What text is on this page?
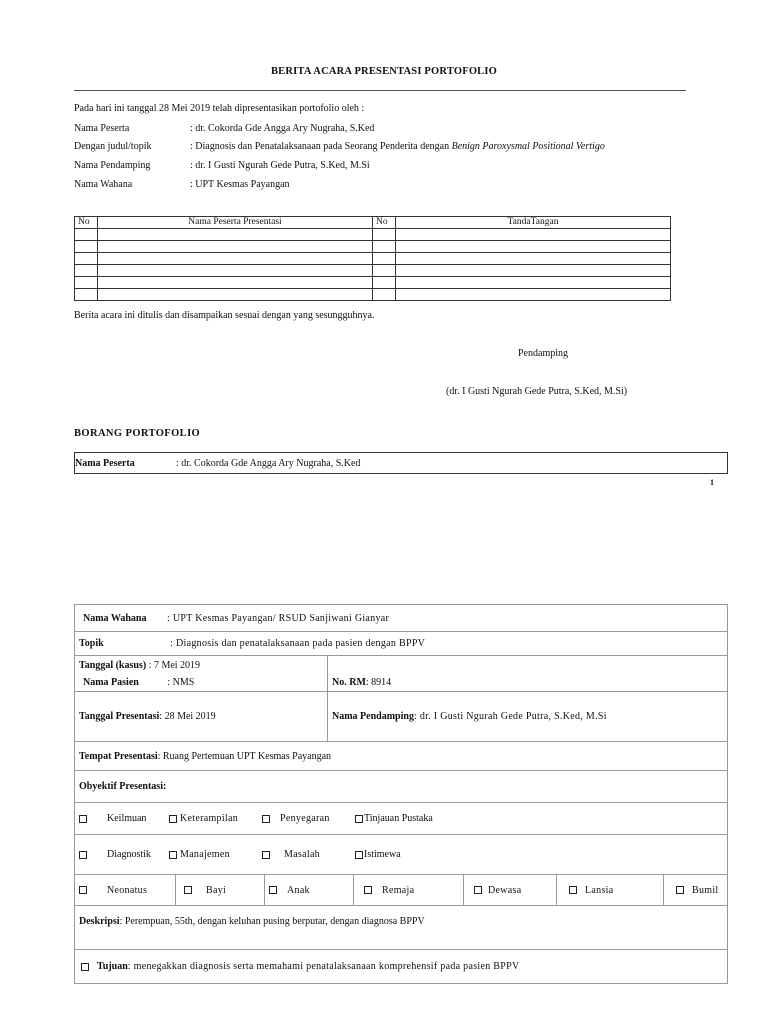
BERITA ACARA PRESENTASI PORTOFOLIO
Pada hari ini tanggal 28 Mei 2019 telah dipresentasikan portofolio oleh :
Nama Peserta	: dr. Cokorda Gde Angga Ary Nugraha, S.Ked
Dengan judul/topik	: Diagnosis dan Penatalaksanaan pada Seorang Penderita dengan Benign Paroxysmal Positional Vertigo
Nama Pendamping	: dr. I Gusti Ngurah Gede Putra, S.Ked, M.Si
Nama Wahana	: UPT Kesmas Payangan
No	Nama Peserta Presentasi	No	TandaTangan

Berita acara ini ditulis dan disampaikan sesuai dengan yang sesungguhnya.
Pendamping
(dr. I Gusti Ngurah Gede Putra, S.Ked, M.Si)
BORANG PORTOFOLIO
Nama Peserta	: dr. Cokorda Gde Angga Ary Nugraha, S.Ked
1
Nama Wahana : UPT Kesmas Payangan/ RSUD Sanjiwani Gianyar
Topik	: Diagnosis dan penatalaksanaan pada pasien dengan BPPV
Tanggal (kasus) : 7 Mei 2019	
Nama Pasien	: NMS	No. RM: 8914
Tanggal Presentasi: 28 Mei 2019	Nama Pendamping: dr. I Gusti Ngurah Gede Putra, S.Ked, M.Si
Tempat Presentasi: Ruang Pertemuan UPT Kesmas Payangan
Obyektif Presentasi:
Keilmuan	Keterampilan	Penyegaran	Tinjauan Pustaka
Diagnostik	Manajemen	Masalah	Istimewa

Neonatus	Bayi	Anak	Remaja	Dewasa	Lansia	Bumil

Deskripsi: Perempuan, 55th, dengan keluhan pusing berputar, dengan diagnosa BPPV
Tujuan: menegakkan diagnosis serta memahami penatalaksanaan komprehensif pada pasien BPPV
